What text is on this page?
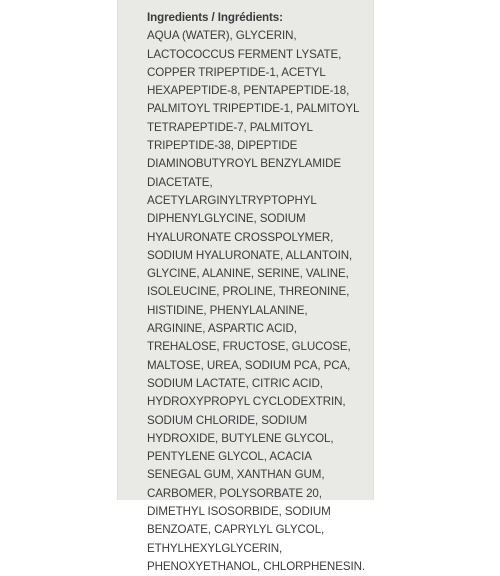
Ingredients / Ingrédients:

AQUA (WATER), GLYCERIN,

LACTOCOCCUS FERMENT LYSATE,

COPPER TRIPEPTIDE-1, ACETYL

HEXAPEPTIDE-8, PENTAPEPTIDE-18,

PALMITOYL TRIPEPTIDE-1, PALMITOYL

TETRAPEPTIDE-7, PALMITOYL

TRIPEPTIDE-38, DIPEPTIDE

DIAMINOBUTYROYL BENZYLAMIDE

DIACETATE,

ACETYLARGINYLTRYPTOPHYL

DIPHENYLGLYCINE, SODIUM

HYALURONATE CROSSPOLYMER,

SODIUM HYALURONATE, ALLANTOIN,

GLYCINE, ALANINE, SERINE, VALINE,

ISOLEUCINE, PROLINE, THREONINE,

HISTIDINE, PHENYLALANINE,

ARGININE, ASPARTIC ACID,

TREHALOSE, FRUCTOSE, GLUCOSE,

MALTOSE, UREA, SODIUM PCA, PCA,

SODIUM LACTATE, CITRIC ACID,

HYDROXYPROPYL CYCLODEXTRIN,

SODIUM CHLORIDE, SODIUM

HYDROXIDE, BUTYLENE GLYCOL,

PENTYLENE GLYCOL, ACACIA

SENEGAL GUM, XANTHAN GUM,

CARBOMER, POLYSORBATE 20,

DIMETHYL ISOSORBIDE, SODIUM

BENZOATE, CAPRYLYL GLYCOL,

ETHYLHEXYLGLYCERIN,

PHENOXYETHANOL, CHLORPHENESIN.
